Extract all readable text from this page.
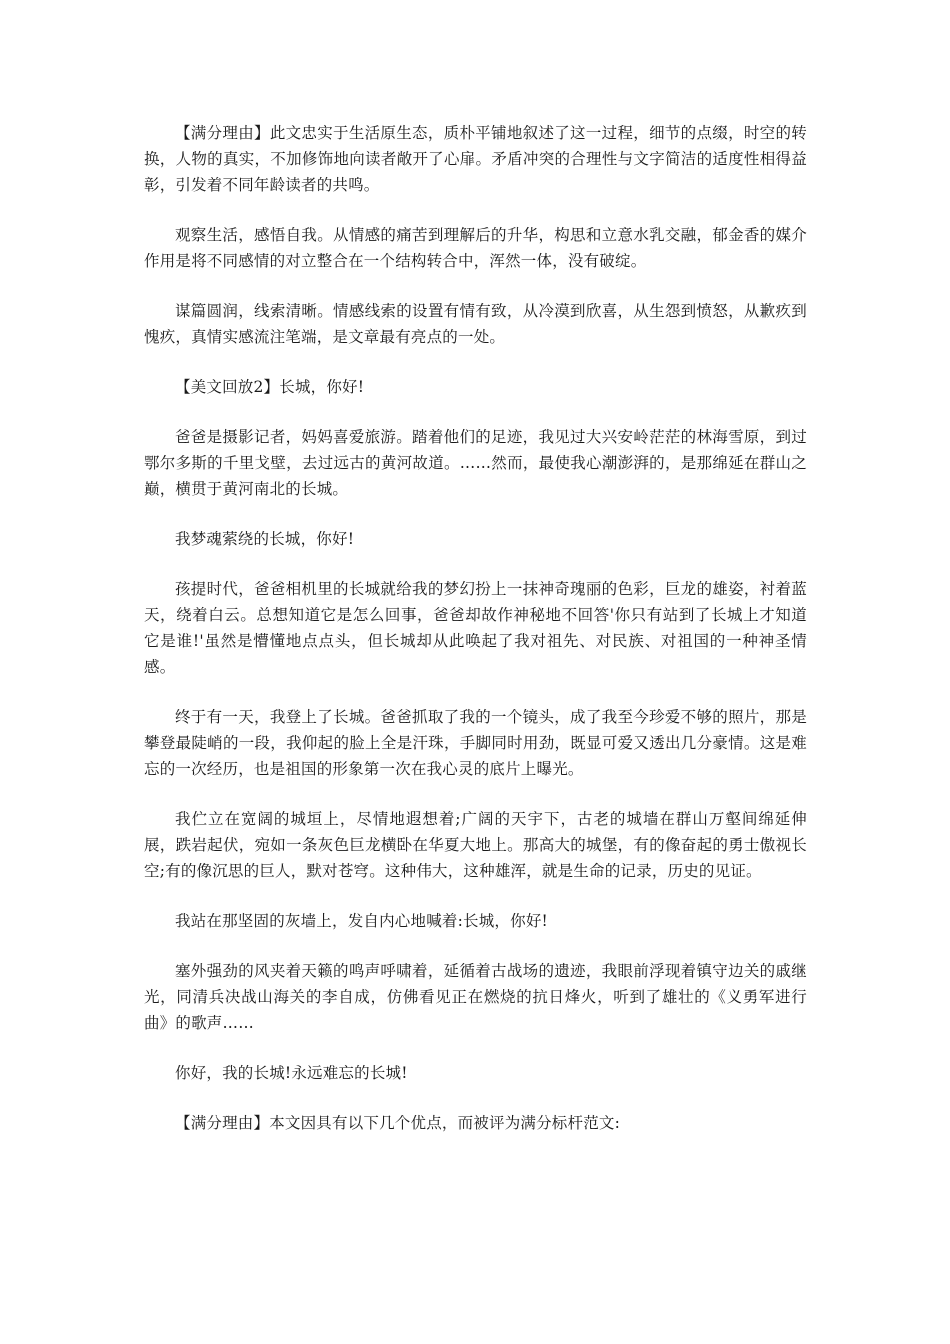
【满分理由】此文忠实于生活原生态，质朴平铺地叙述了这一过程，细节的点缀，时空的转换，人物的真实，不加修饰地向读者敞开了心扉。矛盾冲突的合理性与文字简洁的适度性相得益彰，引发着不同年龄读者的共鸣。

观察生活，感悟自我。从情感的痛苦到理解后的升华，构思和立意水乳交融，郁金香的媒介作用是将不同感情的对立整合在一个结构转合中，浑然一体，没有破绽。

谋篇圆润，线索清晰。情感线索的设置有情有致，从冷漠到欣喜，从生怨到愤怒，从歉疚到愧疚，真情实感流注笔端，是文章最有亮点的一处。

【美文回放2】长城，你好!

爸爸是摄影记者，妈妈喜爱旅游。踏着他们的足迹，我见过大兴安岭茫茫的林海雪原，到过鄂尔多斯的千里戈壁，去过远古的黄河故道。……然而，最使我心潮澎湃的，是那绵延在群山之巅，横贯于黄河南北的长城。

我梦魂萦绕的长城，你好!

孩提时代，爸爸相机里的长城就给我的梦幻扮上一抹神奇瑰丽的色彩，巨龙的雄姿，衬着蓝天，绕着白云。总想知道它是怎么回事，爸爸却故作神秘地不回答'你只有站到了长城上才知道它是谁!'虽然是懵懂地点点头，但长城却从此唤起了我对祖先、对民族、对祖国的一种神圣情感。

终于有一天，我登上了长城。爸爸抓取了我的一个镜头，成了我至今珍爱不够的照片，那是攀登最陡峭的一段，我仰起的脸上全是汗珠，手脚同时用劲，既显可爱又透出几分豪情。这是难忘的一次经历，也是祖国的形象第一次在我心灵的底片上曝光。

我伫立在宽阔的城垣上，尽情地遐想着;广阔的天宇下，古老的城墙在群山万壑间绵延伸展，跌岩起伏，宛如一条灰色巨龙横卧在华夏大地上。那高大的城堡，有的像奋起的勇士傲视长空;有的像沉思的巨人，默对苍穹。这种伟大，这种雄浑，就是生命的记录，历史的见证。

我站在那坚固的灰墙上，发自内心地喊着:长城，你好!

塞外强劲的风夹着天籁的鸣声呼啸着，延循着古战场的遗迹，我眼前浮现着镇守边关的戚继光，同清兵决战山海关的李自成，仿佛看见正在燃烧的抗日烽火，听到了雄壮的《义勇军进行曲》的歌声……

你好，我的长城!永远难忘的长城!

【满分理由】本文因具有以下几个优点，而被评为满分标杆范文:
